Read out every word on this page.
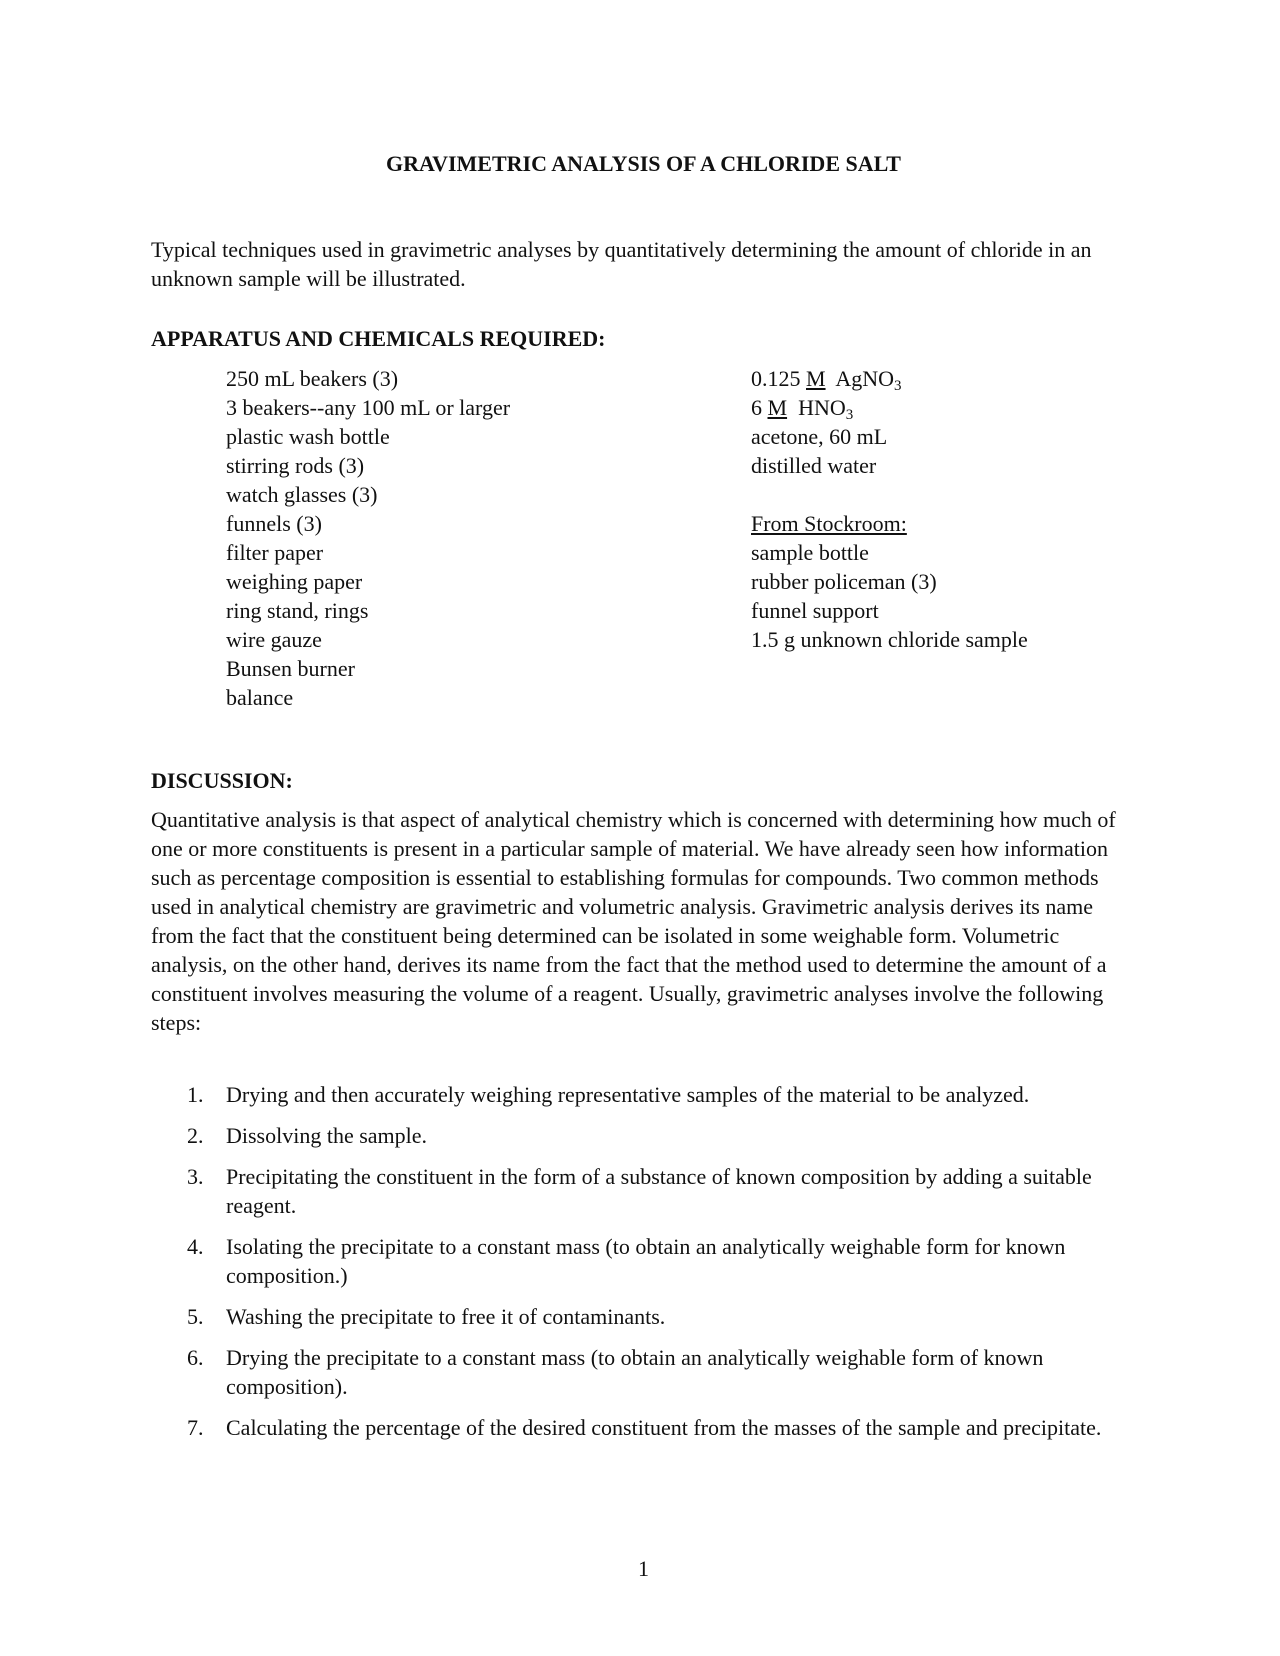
GRAVIMETRIC ANALYSIS OF A CHLORIDE SALT

Typical techniques used in gravimetric analyses by quantitatively determining the amount of chloride in an unknown sample will be illustrated.

APPARATUS AND CHEMICALS REQUIRED:
250 mL beakers (3)
3 beakers--any 100 mL or larger
plastic wash bottle
stirring rods (3)
watch glasses (3)
funnels (3)
filter paper
weighing paper
ring stand, rings
wire gauze
Bunsen burner
balance
0.125 M AgNO$_3$
6 M $HNO_3$
acetone, 60 mL
distilled water
From Stockroom:
sample bottle
rubber policeman (3)
funnel support
1.5 g unknown chloride sample
DISCUSSION:

Quantitative analysis is that aspect of analytical chemistry which is concerned with determining how much of one or more constituents is present in a particular sample of material. We have already seen how information such as percentage composition is essential to establishing formulas for compounds. Two common methods used in analytical chemistry are gravimetric and volumetric analysis. Gravimetric analysis derives its name from the fact that the constituent being determined can be isolated in some weighable form. Volumetric analysis, on the other hand, derives its name from the fact that the method used to determine the amount of a constituent involves measuring the volume of a reagent. Usually, gravimetric analyses involve the following steps:

1. Drying and then accurately weighing representative samples of the material to be analyzed.
2. Dissolving the sample.
3. Precipitating the constituent in the form of a substance of known composition by adding a suitable reagent.
4. Isolating the precipitate to a constant mass (to obtain an analytically weighable form for known composition.)
5. Washing the precipitate to free it of contaminants.
6. Drying the precipitate to a constant mass (to obtain an analytically weighable form of known composition).
7. Calculating the percentage of the desired constituent from the masses of the sample and precipitate.

1
